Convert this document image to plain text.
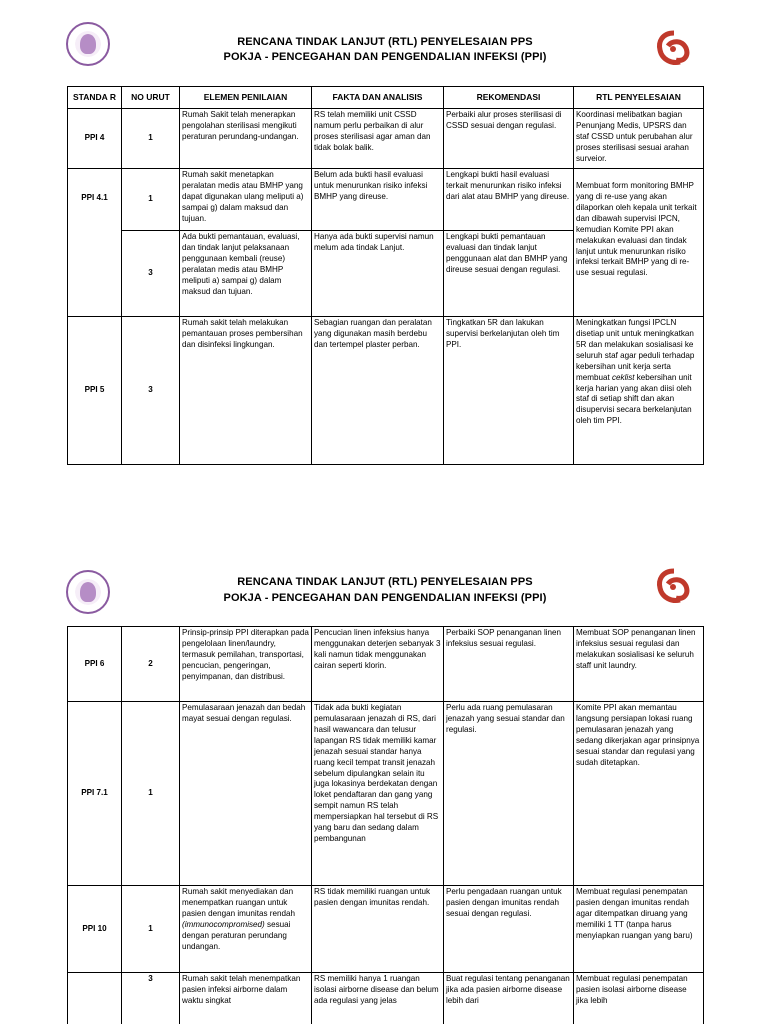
RENCANA TINDAK LANJUT (RTL) PENYELESAIAN PPS
POKJA - PENCEGAHAN DAN PENGENDALIAN INFEKSI (PPI)
STANDA R	NO URUT	ELEMEN PENILAIAN	FAKTA DAN ANALISIS	REKOMENDASI	RTL PENYELESAIAN
PPI 4	1	Rumah Sakit telah menerapkan pengolahan sterilisasi mengikuti peraturan perundang-undangan.	RS telah memiliki unit CSSD namum perlu perbaikan di alur proses sterilisasi agar aman dan tidak bolak balik.	Perbaiki alur proses sterilisasi di CSSD sesuai dengan regulasi.	Koordinasi melibatkan bagian Penunjang Medis, UPSRS dan staf CSSD untuk perubahan alur proses sterilisasi sesuai arahan surveior.
PPI 4.1	1	Rumah sakit menetapkan peralatan medis atau BMHP yang dapat digunakan ulang meliputi a) sampai g) dalam maksud dan tujuan.	Belum ada bukti hasil evaluasi untuk menurunkan risiko infeksi BMHP yang direuse.	Lengkapi bukti hasil evaluasi terkait menurunkan risiko infeksi dari alat atau BMHP yang direuse.	Membuat form monitoring BMHP yang di re-use yang akan dilaporkan oleh kepala unit terkait dan dibawah supervisi IPCN, kemudian Komite PPI akan melakukan evaluasi dan tindak lanjut untuk menurunkan risiko infeksi terkait BMHP yang di re-use sesuai regulasi.
	3	Ada bukti pemantauan, evaluasi, dan tindak lanjut pelaksanaan penggunaan kembali (reuse) peralatan medis atau BMHP meliputi a) sampai g) dalam maksud dan tujuan.	Hanya ada bukti supervisi namun melum ada tindak Lanjut.	Lengkapi bukti pemantauan evaluasi dan tindak lanjut penggunaan alat dan BMHP yang direuse sesuai dengan regulasi.	
PPI 5	3	Rumah sakit telah melakukan pemantauan proses pembersihan dan disinfeksi lingkungan.	Sebagian ruangan dan peralatan yang digunakan masih berdebu dan tertempel plaster perban.	Tingkatkan 5R dan lakukan supervisi berkelanjutan oleh tim PPI.	Meningkatkan fungsi IPCLN disetiap unit untuk meningkatkan 5R dan melakukan sosialisasi ke seluruh staf agar peduli terhadap kebersihan unit kerja serta membuat ceklist kebersihan unit kerja harian yang akan diisi oleh staf di setiap shift dan akan disupervisi secara berkelanjutan oleh tim PPI.
RENCANA TINDAK LANJUT (RTL) PENYELESAIAN PPS
POKJA - PENCEGAHAN DAN PENGENDALIAN INFEKSI (PPI)
PPI 6	2	Prinsip-prinsip PPI diterapkan pada pengelolaan linen/laundry, termasuk pemilahan, transportasi, pencucian, pengeringan, penyimpanan, dan distribusi.	Pencucian linen infeksius hanya menggunakan deterjen sebanyak 3 kali namun tidak menggunakan cairan seperti klorin.	Perbaiki SOP penanganan linen infeksius sesuai regulasi.	Membuat SOP penanganan linen infeksius sesuai regulasi dan melakukan sosialisasi ke seluruh staff unit laundry.
PPI 7.1	1	Pemulasaraan jenazah dan bedah mayat sesuai dengan regulasi.	Tidak ada bukti kegiatan pemulasaraan jenazah di RS, dari hasil wawancara dan telusur lapangan RS tidak memiliki kamar jenazah sesuai standar hanya ruang kecil tempat transit jenazah sebelum dipulangkan selain itu juga lokasinya berdekatan dengan loket pendaftaran dan gang yang sempit namun RS telah mempersiapkan hal tersebut di RS yang baru dan sedang dalam pembangunan	Perlu ada ruang pemulasaran jenazah yang sesuai standar dan regulasi.	Komite PPI akan memantau langsung persiapan lokasi ruang pemulasaran jenazah yang sedang dikerjakan agar prinsipnya sesuai standar dan regulasi yang sudah ditetapkan.
PPI 10	1	Rumah sakit menyediakan dan menempatkan ruangan untuk pasien dengan imunitas rendah (immunocompromised) sesuai dengan peraturan perundang undangan.	RS tidak memiliki ruangan untuk pasien dengan imunitas rendah.	Perlu pengadaan ruangan untuk pasien dengan imunitas rendah sesuai dengan regulasi.	Membuat regulasi penempatan pasien dengan imunitas rendah agar ditempatkan diruang yang memiliki 1 TT (tanpa harus menyiapkan ruangan yang baru)
	3	Rumah sakit telah menempatkan pasien infeksi airborne dalam waktu singkat	RS memiliki hanya 1 ruangan isolasi airborne disease dan belum ada regulasi yang jelas	Buat regulasi tentang penanganan jika ada pasien airborne disease lebih dari	Membuat regulasi penempatan pasien isolasi airborne disease jika lebih
